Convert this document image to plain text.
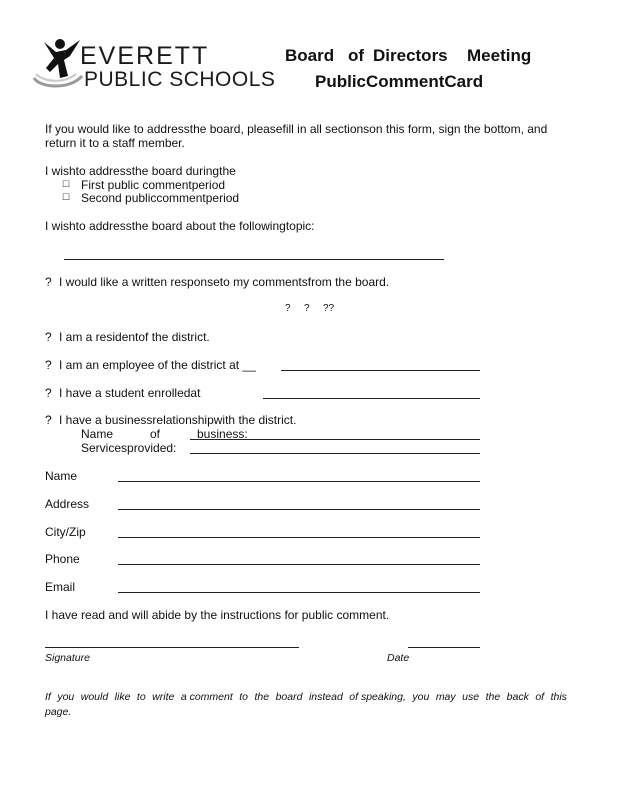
EVERETT
PUBLIC SCHOOLS
Board of Directors Meeting
PublicCommentCard
If you would like to addressthe board, pleasefill in all sectionson this form, sign the bottom, and
return it to a staff member.
I wishto addressthe board duringthe
☐ First public commentperiod
☐ Second publiccommentperiod
I wishto addressthe board about the followingtopic:
? I would like a written responseto my commentsfrom the board.
? ? ??
? I am a residentof the district.
? I am an employee of the district at __
? I have a student enrolledat
? I have a businessrelationshipwith the district.
Name	of	business:
Servicesprovided:
Name
Address
City/Zip
Phone
Email
I have read and will abide by the instructions for public comment.
Signature	Date
If you would like to write a comment to the board instead of speaking, you may use the back of this
page.
